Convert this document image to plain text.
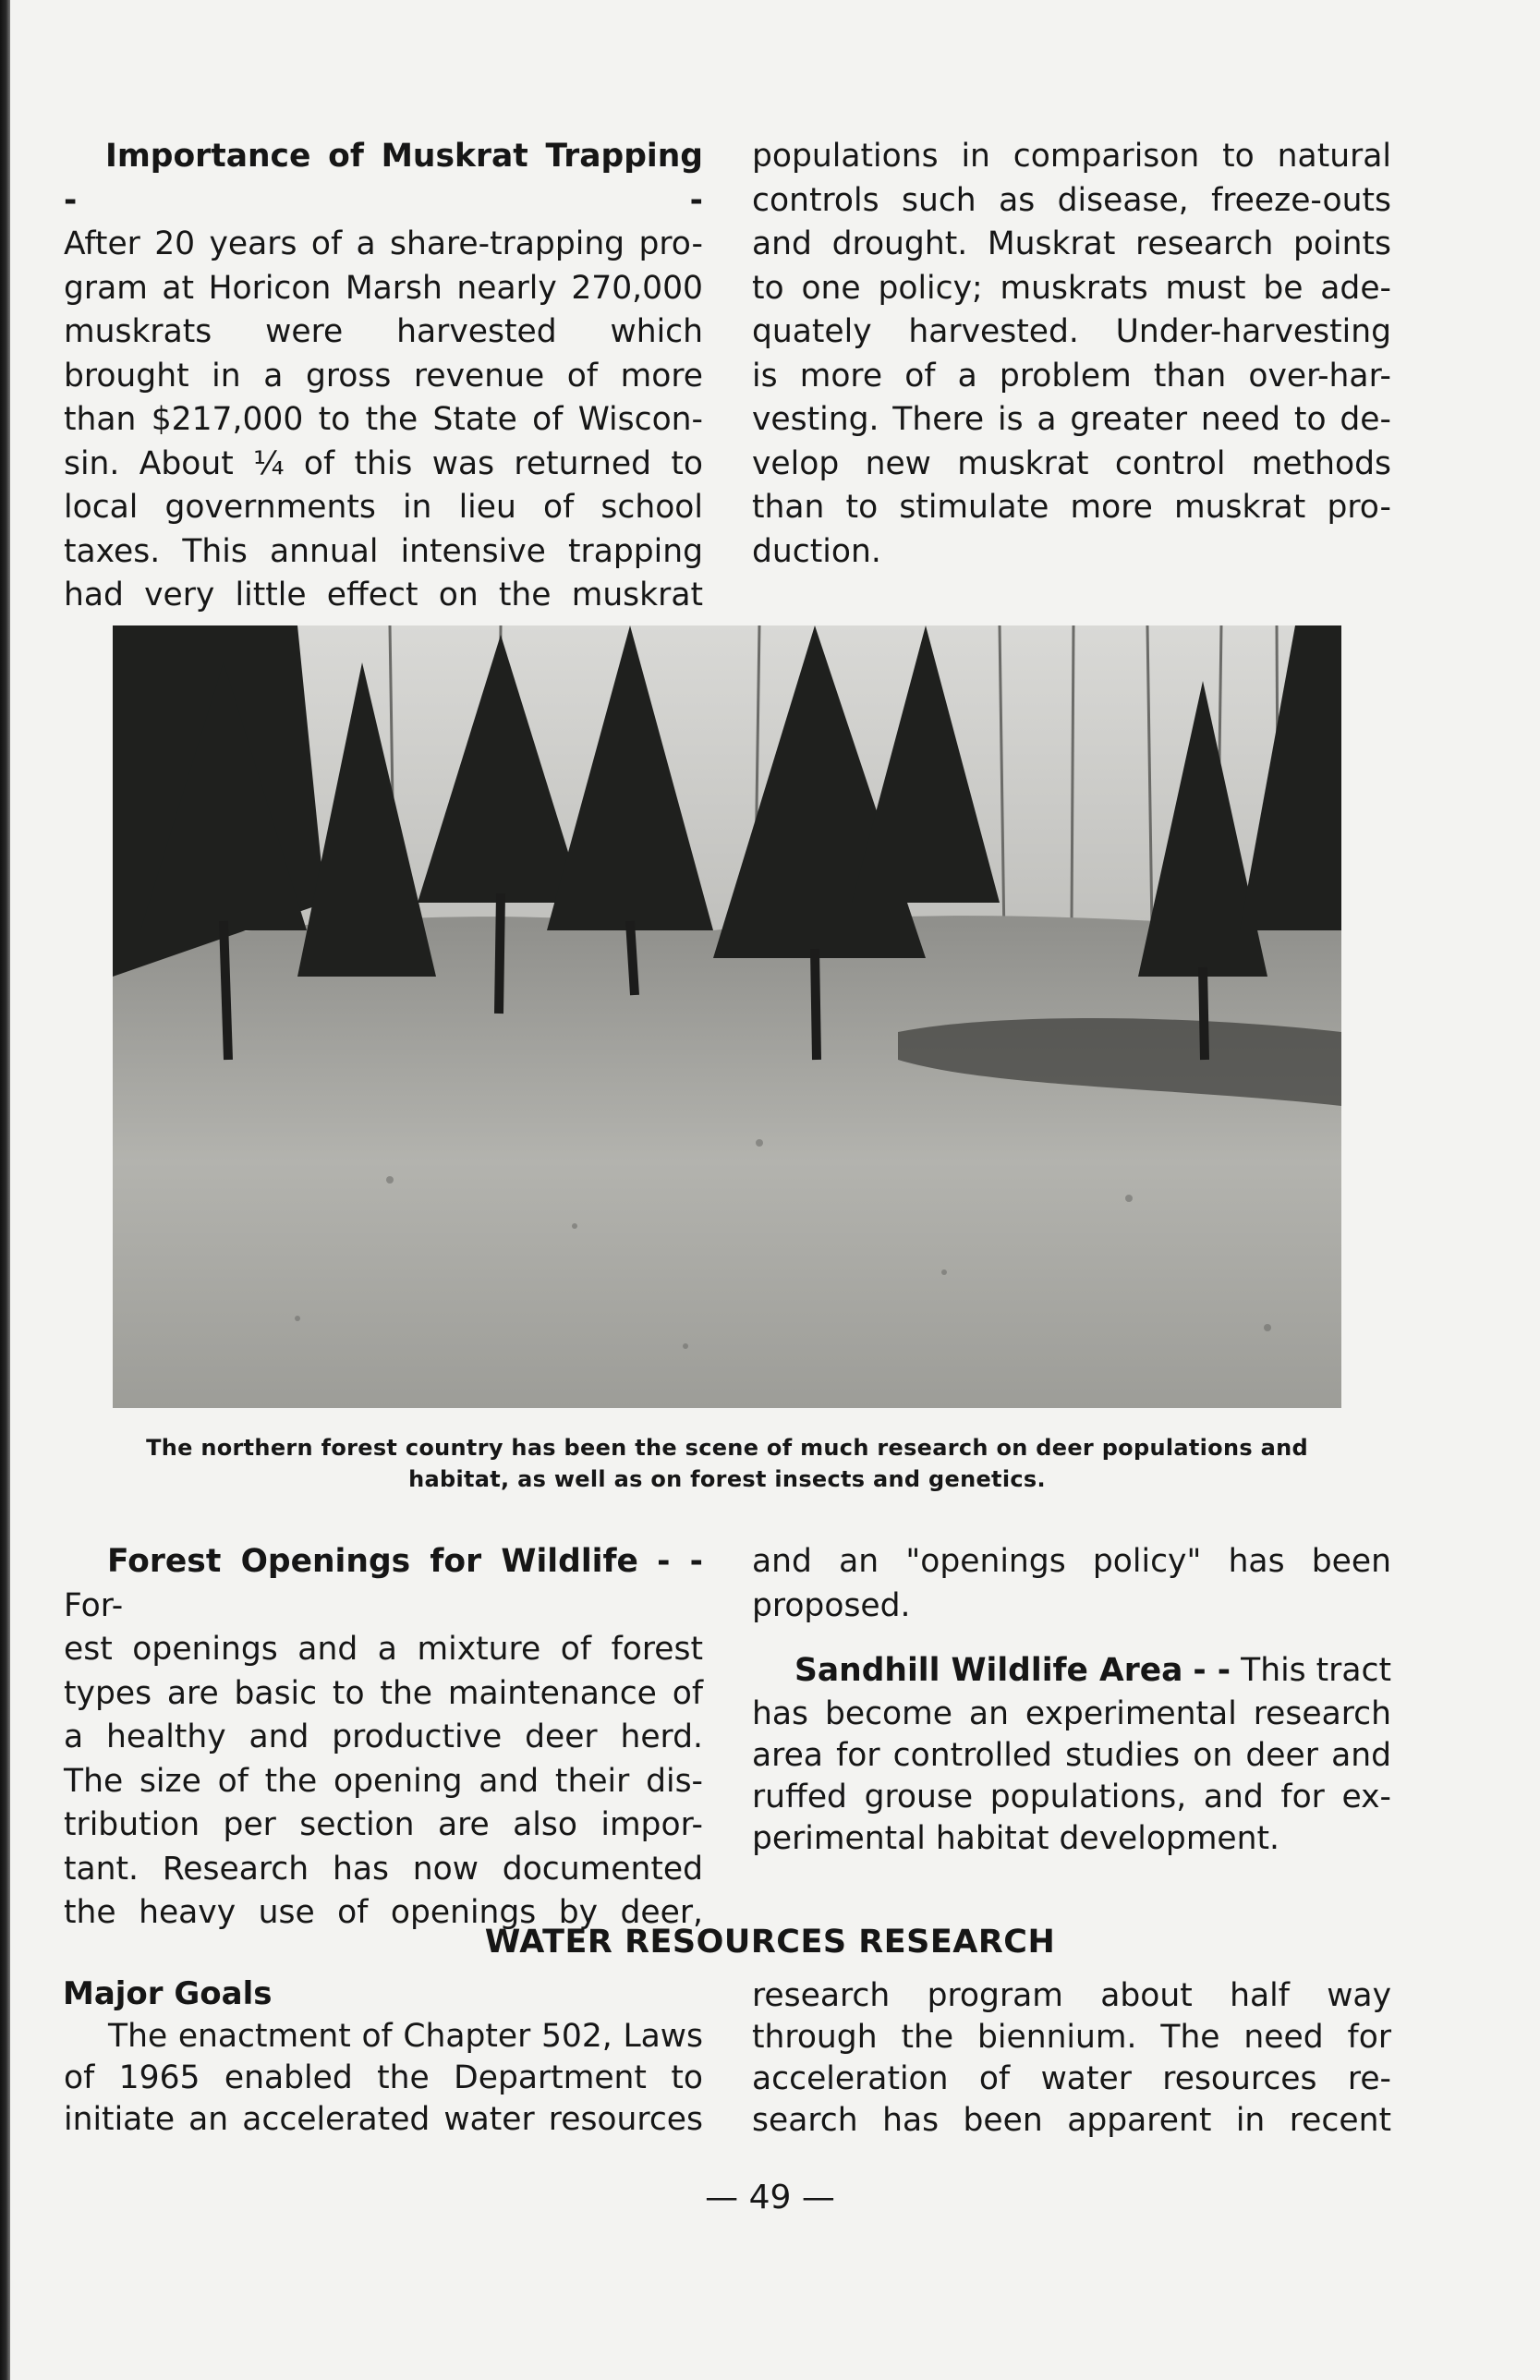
Importance of Muskrat Trapping - -

After 20 years of a share-trapping pro-

gram at Horicon Marsh nearly 270,000

muskrats were harvested which

brought in a gross revenue of more

than $217,000 to the State of Wiscon-

sin. About ¼ of this was returned to

local governments in lieu of school

taxes. This annual intensive trapping

had very little effect on the muskrat

populations in comparison to natural

controls such as disease, freeze-outs

and drought. Muskrat research points

to one policy; muskrats must be ade-

quately harvested. Under-harvesting

is more of a problem than over-har-

vesting. There is a greater need to de-

velop new muskrat control methods

than to stimulate more muskrat pro-

duction.

The northern forest country has been the scene of much research on deer populations and habitat, as well as on forest insects and genetics.

Forest Openings for Wildlife - -For-

est openings and a mixture of forest

types are basic to the maintenance of

a healthy and productive deer herd.

The size of the opening and their dis-

tribution per section are also impor-

tant. Research has now documented

the heavy use of openings by deer,

and an "openings policy" has been

proposed.

Sandhill Wildlife Area - - This tract

has become an experimental research

area for controlled studies on deer and

ruffed grouse populations, and for ex-

perimental habitat development.

WATER RESOURCES RESEARCH
Major Goals

The enactment of Chapter 502, Laws

of 1965 enabled the Department to

initiate an accelerated water resources

research program about half way

through the biennium. The need for

acceleration of water resources re-

search has been apparent in recent

— 49 —
